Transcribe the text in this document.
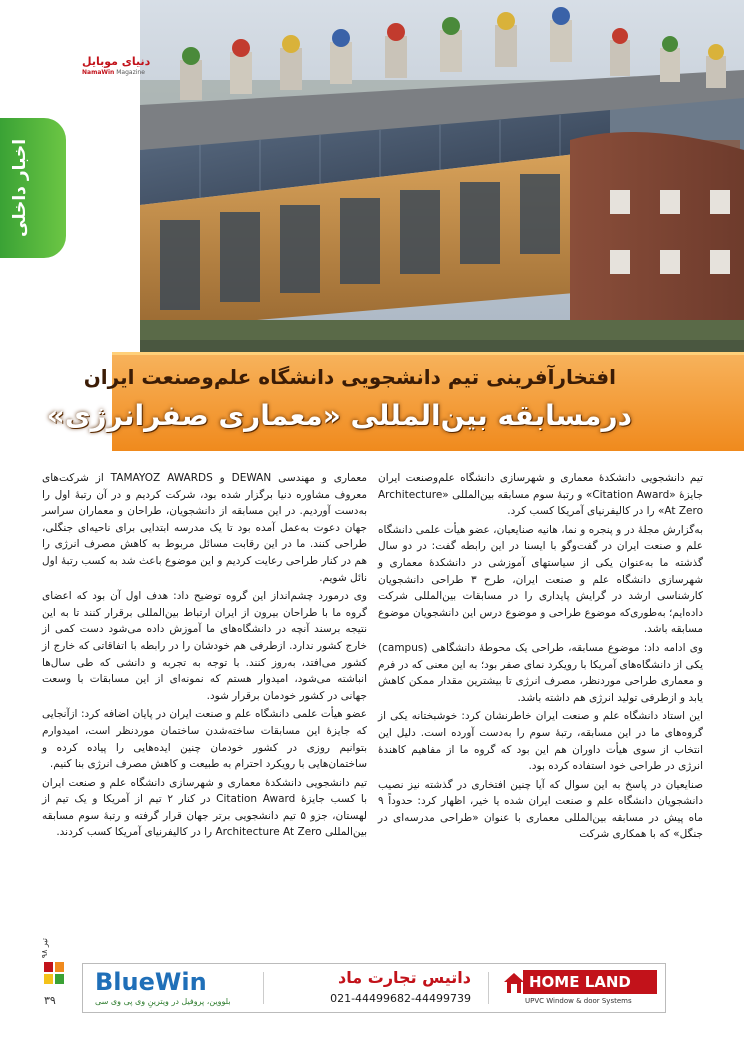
دنیای موبایل
NamaWin Magazine
اخبار داخلی
افتخارآفرینی تیم دانشجویی دانشگاه علم‌وصنعت ایران
درمسابقه بین‌المللی «معماری صفرانرژی»

تیم دانشجویی دانشکدهٔ معماری و شهرسازی دانشگاه علم‌وصنعت ایران جایزهٔ «Citation Award» و رتبهٔ سوم مسابقه بین‌المللی «Architecture At Zero» را در کالیفرنیای آمریکا کسب کرد.

به‌گزارش مجلهٔ در و پنجره و نما، هانیه صنایعیان، عضو هیأت علمی دانشگاه علم و صنعت ایران در گفت‌وگو با ایسنا در این رابطه گفت: در دو سال گذشته ما به‌عنوان یکی از سیاستهای آموزشی در دانشکدهٔ معماری و شهرسازی دانشگاه علم و صنعت ایران، طرح ۳ طراحی دانشجویان کارشناسی ارشد در گرایش پایداری را در مسابقات بین‌المللی شرکت داده‌ایم؛ به‌طوری‌که موضوع طراحی و موضوع درس این دانشجویان موضوع مسابقه باشد.

وی ادامه داد: موضوع مسابقه، طراحی یک محوطهٔ دانشگاهی (campus) یکی از دانشگاه‌های آمریکا با رویکرد نمای صفر بود؛ به این معنی که در فرم و معماری طراحی موردنظر، مصرف انرژی تا بیشترین مقدار ممکن کاهش یابد و ازطرفی تولید انرژی هم داشته باشد.

این استاد دانشگاه علم و صنعت ایران خاطرنشان کرد: خوشبختانه یکی از گروه‌های ما در این مسابقه، رتبهٔ سوم را به‌دست آورده است. دلیل این انتخاب از سوی هیأت داوران هم این بود که گروه ما از مفاهیم کاهندهٔ انرژی در طراحی خود استفاده کرده بود.

صنایعیان در پاسخ به این سوال که آیا چنین افتخاری در گذشته نیز نصیب دانشجویان دانشگاه علم و صنعت ایران شده یا خیر، اظهار کرد: حدوداً ۹ ماه پیش در مسابقه بین‌المللی معماری با عنوان «طراحی مدرسه‌ای در جنگل» که با همکاری شرکت

معماری و مهندسی DEWAN و TAMAYOZ AWARDS از شرکت‌های معروف مشاوره دنیا برگزار شده بود، شرکت کردیم و در آن رتبهٔ اول را به‌دست آوردیم. در این مسابقه از دانشجویان، طراحان و معماران سراسر جهان دعوت به‌عمل آمده بود تا یک مدرسه ابتدایی برای ناحیه‌ای جنگلی، طراحی کنند. ما در این رقابت مسائل مربوط به کاهش مصرف انرژی را هم در کنار طراحی رعایت کردیم و این موضوع باعث شد به کسب رتبهٔ اول نائل شویم.

وی درمورد چشم‌انداز این گروه توضیح داد: هدف اول آن بود که اعضای گروه ما با طراحان بیرون از ایران ارتباط بین‌المللی برقرار کنند تا به این نتیجه برسند آنچه در دانشگاه‌های ما آموزش داده می‌شود دست کمی از خارج کشور ندارد. ازطرفی هم خودشان را در رابطه با اتفاقاتی که خارج از کشور می‌افتد، به‌روز کنند. با توجه به تجربه و دانشی که طی سال‌ها انباشته می‌شود، امیدوار هستم که نمونه‌ای از این مسابقات با وسعت جهانی در کشور خودمان برقرار شود.

عضو هیأت علمی دانشگاه علم و صنعت ایران در پایان اضافه کرد: ازآنجایی که جایزهٔ این مسابقات ساخته‌شدن ساختمان موردنظر است، امیدوارم بتوانیم روزی در کشور خودمان چنین ایده‌هایی را پیاده کرده و ساختمان‌هایی با رویکرد احترام به طبیعت و کاهش مصرف انرژی بنا کنیم.

تیم دانشجویی دانشکدهٔ معماری و شهرسازی دانشگاه علم و صنعت ایران با کسب جایزهٔ Citation Award در کنار ۲ تیم از آمریکا و یک تیم از لهستان، جزو ۵ تیم دانشجویی برتر جهان قرار گرفته و رتبهٔ سوم مسابقه بین‌المللی Architecture At Zero را در کالیفرنیای آمریکا کسب کردند.

تیر ۹۸
۳۹
BlueWin
بلووین، پروفیل در ویترینِ وی پی وی سی
داتیس تجارت ماد
021-44499682-44499739
HOME LAND
UPVC Window & door Systems
